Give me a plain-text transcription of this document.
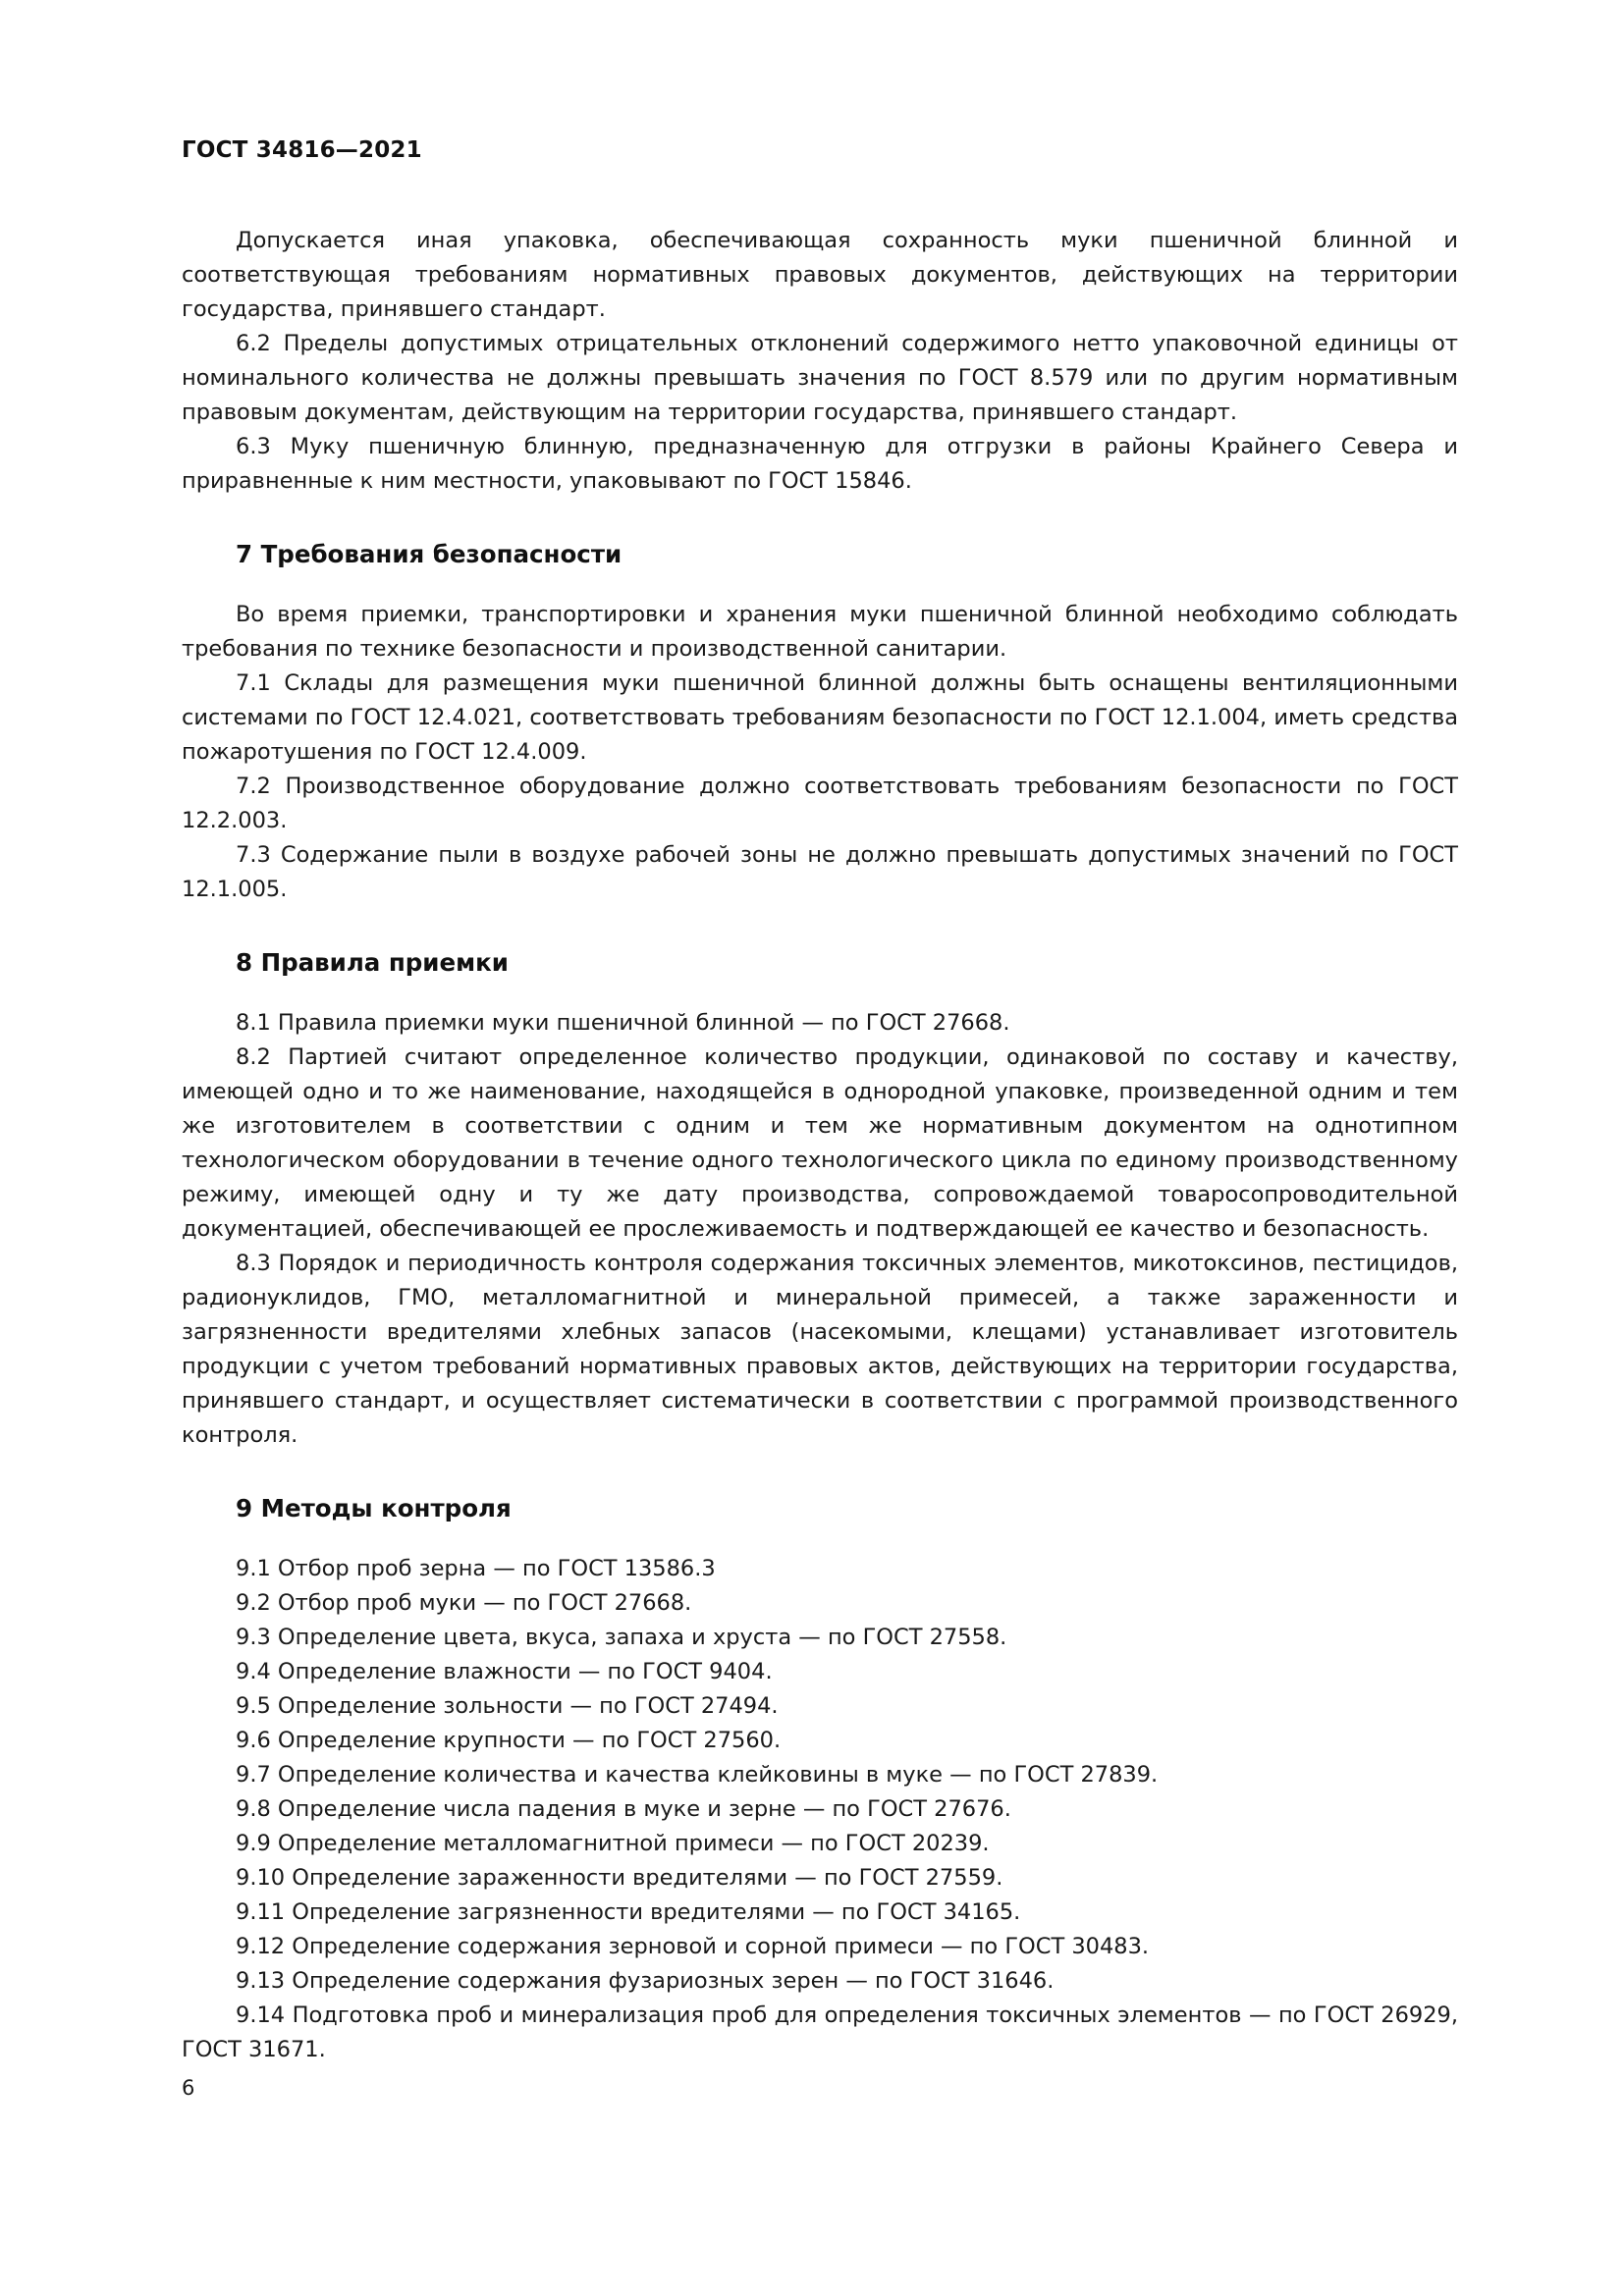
ГОСТ 34816—2021

Допускается иная упаковка, обеспечивающая сохранность муки пшеничной блинной и соответствующая требованиям нормативных правовых документов, действующих на территории государства, принявшего стандарт.

6.2 Пределы допустимых отрицательных отклонений содержимого нетто упаковочной единицы от номинального количества не должны превышать значения по ГОСТ 8.579 или по другим нормативным правовым документам, действующим на территории государства, принявшего стандарт.

6.3 Муку пшеничную блинную, предназначенную для отгрузки в районы Крайнего Севера и приравненные к ним местности, упаковывают по ГОСТ 15846.

7 Требования безопасности

Во время приемки, транспортировки и хранения муки пшеничной блинной необходимо соблюдать требования по технике безопасности и производственной санитарии.

7.1 Склады для размещения муки пшеничной блинной должны быть оснащены вентиляционными системами по ГОСТ 12.4.021, соответствовать требованиям безопасности по ГОСТ 12.1.004, иметь средства пожаротушения по ГОСТ 12.4.009.

7.2 Производственное оборудование должно соответствовать требованиям безопасности по ГОСТ 12.2.003.

7.3 Содержание пыли в воздухе рабочей зоны не должно превышать допустимых значений по ГОСТ 12.1.005.

8 Правила приемки

8.1 Правила приемки муки пшеничной блинной — по ГОСТ 27668.

8.2 Партией считают определенное количество продукции, одинаковой по составу и качеству, имеющей одно и то же наименование, находящейся в однородной упаковке, произведенной одним и тем же изготовителем в соответствии с одним и тем же нормативным документом на однотипном технологическом оборудовании в течение одного технологического цикла по единому производственному режиму, имеющей одну и ту же дату производства, сопровождаемой товаросопроводительной документацией, обеспечивающей ее прослеживаемость и подтверждающей ее качество и безопасность.

8.3 Порядок и периодичность контроля содержания токсичных элементов, микотоксинов, пестицидов, радионуклидов, ГМО, металломагнитной и минеральной примесей, а также зараженности и загрязненности вредителями хлебных запасов (насекомыми, клещами) устанавливает изготовитель продукции с учетом требований нормативных правовых актов, действующих на территории государства, принявшего стандарт, и осуществляет систематически в соответствии с программой производственного контроля.

9 Методы контроля

9.1 Отбор проб зерна — по ГОСТ 13586.3

9.2 Отбор проб муки — по ГОСТ 27668.

9.3 Определение цвета, вкуса, запаха и хруста — по ГОСТ 27558.

9.4 Определение влажности — по ГОСТ 9404.

9.5 Определение зольности — по ГОСТ 27494.

9.6 Определение крупности — по ГОСТ 27560.

9.7 Определение количества и качества клейковины в муке — по ГОСТ 27839.

9.8 Определение числа падения в муке и зерне — по ГОСТ 27676.

9.9 Определение металломагнитной примеси — по ГОСТ 20239.

9.10 Определение зараженности вредителями — по ГОСТ 27559.

9.11 Определение загрязненности вредителями — по ГОСТ 34165.

9.12 Определение содержания зерновой и сорной примеси — по ГОСТ 30483.

9.13 Определение содержания фузариозных зерен — по ГОСТ 31646.

9.14 Подготовка проб и минерализация проб для определения токсичных элементов — по ГОСТ 26929, ГОСТ 31671.

6
